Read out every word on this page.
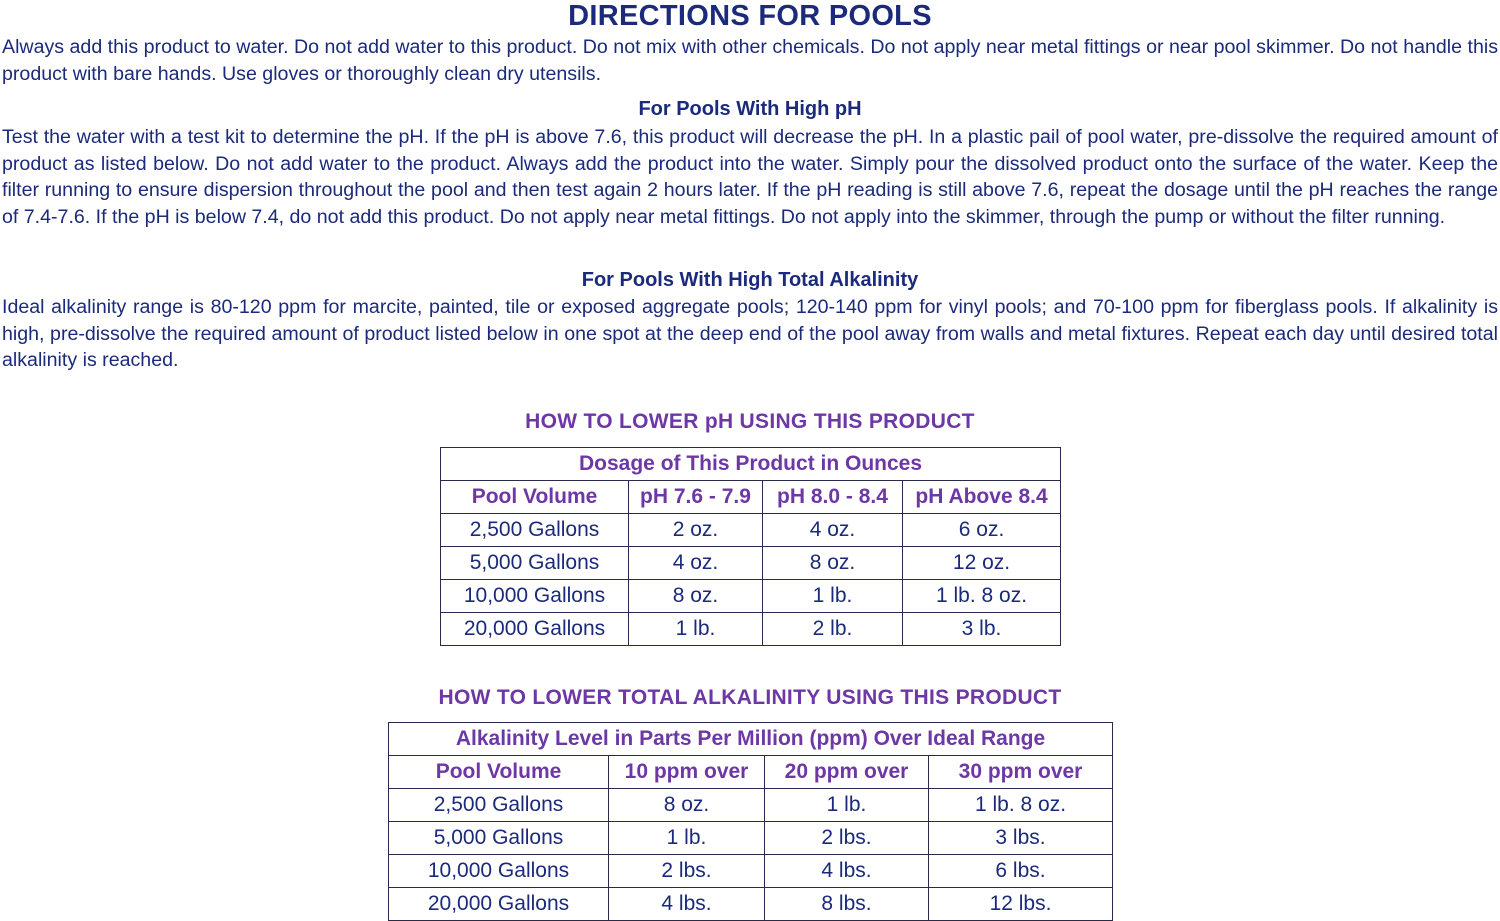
DIRECTIONS FOR POOLS

Always add this product to water. Do not add water to this product. Do not mix with other chemicals. Do not apply near metal fittings or near pool skimmer. Do not handle this product with bare hands. Use gloves or thoroughly clean dry utensils.

For Pools With High pH

Test the water with a test kit to determine the pH. If the pH is above 7.6, this product will decrease the pH. In a plastic pail of pool water, pre-dissolve the required amount of product as listed below. Do not add water to the product. Always add the product into the water. Simply pour the dissolved product onto the surface of the water. Keep the filter running to ensure dispersion throughout the pool and then test again 2 hours later. If the pH reading is still above 7.6, repeat the dosage until the pH reaches the range of 7.4-7.6. If the pH is below 7.4, do not add this product. Do not apply near metal fittings. Do not apply into the skimmer, through the pump or without the filter running.

For Pools With High Total Alkalinity

Ideal alkalinity range is 80-120 ppm for marcite, painted, tile or exposed aggregate pools; 120-140 ppm for vinyl pools; and 70-100 ppm for fiberglass pools. If alkalinity is high, pre-dissolve the required amount of product listed below in one spot at the deep end of the pool away from walls and metal fixtures. Repeat each day until desired total alkalinity is reached.

HOW TO LOWER pH USING THIS PRODUCT
Dosage of This Product in Ounces			
Pool Volume	pH 7.6 - 7.9	pH 8.0 - 8.4	pH Above 8.4
2,500 Gallons	2 oz.	4 oz.	6 oz.
5,000 Gallons	4 oz.	8 oz.	12 oz.
10,000 Gallons	8 oz.	1 lb.	1 lb. 8 oz.
20,000 Gallons	1 lb.	2 lb.	3 lb.
HOW TO LOWER TOTAL ALKALINITY USING THIS PRODUCT
Alkalinity Level in Parts Per Million (ppm) Over Ideal Range			
Pool Volume	10 ppm over	20 ppm over	30 ppm over
2,500 Gallons	8 oz.	1 lb.	1 lb. 8 oz.
5,000 Gallons	1 lb.	2 lbs.	3 lbs.
10,000 Gallons	2 lbs.	4 lbs.	6 lbs.
20,000 Gallons	4 lbs.	8 lbs.	12 lbs.
